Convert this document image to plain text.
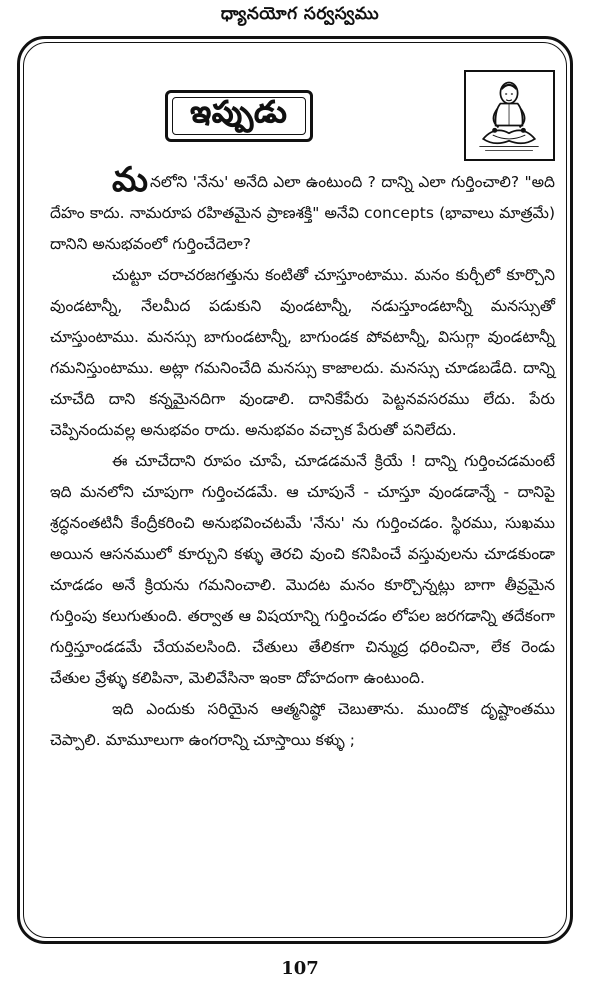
ధ్యానయోగ సర్వస్వము
ఇప్పుడు

మనలోని 'నేను' అనేది ఎలా ఉంటుంది ? దాన్ని ఎలా గుర్తించాలి? "అది దేహం కాదు. నామరూప రహితమైన ప్రాణశక్తి" అనేవి concepts (భావాలు మాత్రమే) దానిని అనుభవంలో గుర్తించేదెలా?

చుట్టూ చరాచరజగత్తును కంటితో చూస్తూంటాము. మనం కుర్చీలో కూర్చొని వుండటాన్నీ, నేలమీద పడుకుని వుండటాన్నీ, నడుస్తూండటాన్నీ మనస్సుతో చూస్తుంటాము. మనస్సు బాగుండటాన్నీ, బాగుండక పోవటాన్నీ, విసుగ్గా వుండటాన్నీ గమనిస్తుంటాము. అట్లా గమనించేది మనస్సు కాజాలదు. మనస్సు చూడబడేది. దాన్ని చూచేది దాని కన్నమైనదిగా వుండాలి. దానికేపేరు పెట్టనవసరము లేదు. పేరు చెప్పినందువల్ల అనుభవం రాదు. అనుభవం వచ్చాక పేరుతో పనిలేదు.

ఈ చూచేదాని రూపం చూపే, చూడడమనే క్రియే ! దాన్ని గుర్తించడమంటే ఇది మనలోని చూపుగా గుర్తించడమే. ఆ చూపునే - చూస్తూ వుండడాన్నే - దానిపై శ్రద్ధనంతటినీ కేంద్రీకరించి అనుభవించటమే 'నేను' ను గుర్తించడం. స్థిరము, సుఖము అయిన ఆసనములో కూర్చుని కళ్ళు తెరచి వుంచి కనిపించే వస్తువులను చూడకుండా చూడడం అనే క్రియను గమనించాలి. మొదట మనం కూర్చొన్నట్లు బాగా తీవ్రమైన గుర్తింపు కలుగుతుంది. తర్వాత ఆ విషయాన్ని గుర్తించడం లోపల జరగడాన్ని తదేకంగా గుర్తిస్తూండడమే చేయవలసింది. చేతులు తేలికగా చిన్ముద్ర ధరించినా, లేక రెండు చేతుల వ్రేళ్ళు కలిపినా, మెలివేసినా ఇంకా దోహదంగా ఉంటుంది.

ఇది ఎందుకు సరియైన ఆత్మనిష్ఠో చెబుతాను. ముందొక దృష్టాంతము చెప్పాలి. మామూలుగా ఉంగరాన్ని చూస్తాయి కళ్ళు ;

107
